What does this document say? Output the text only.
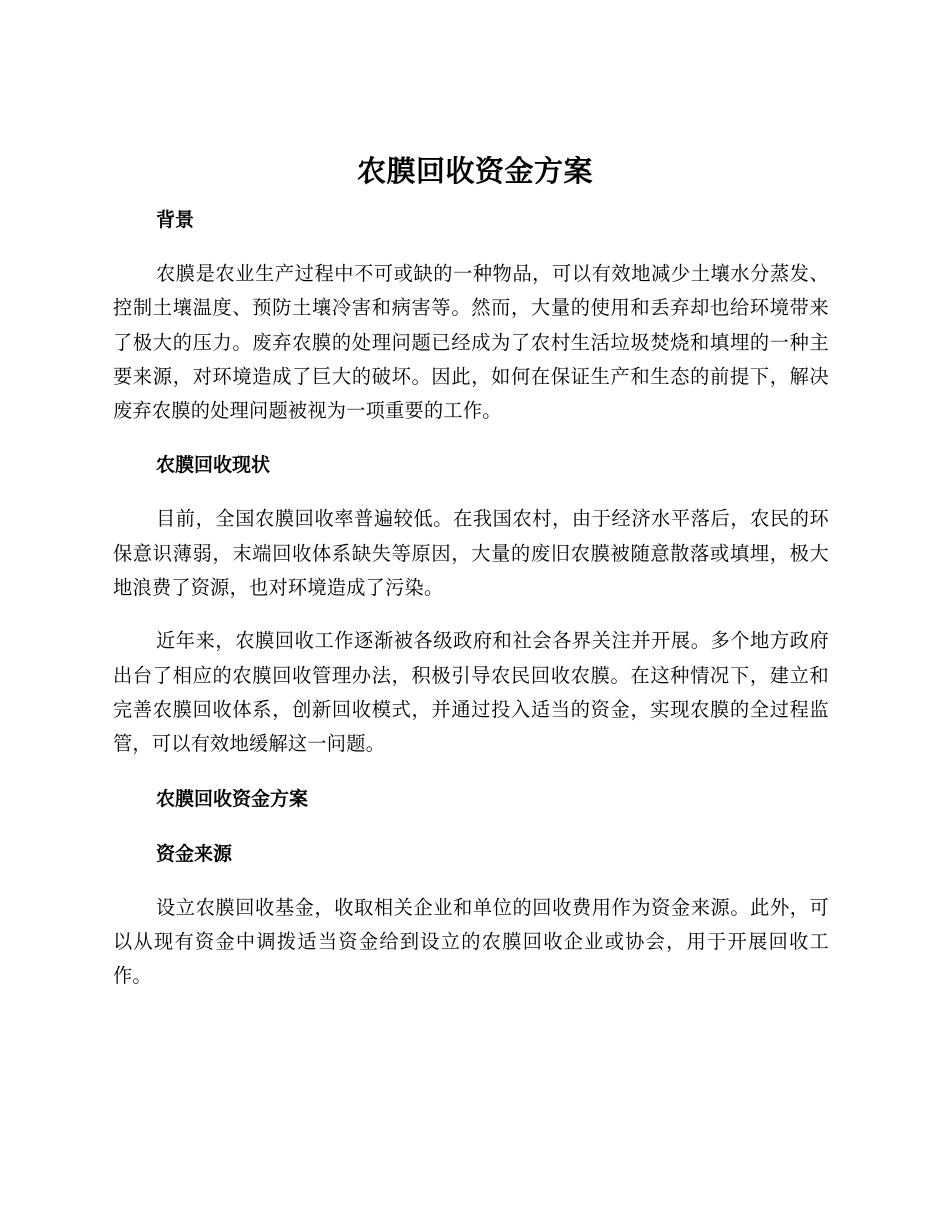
农膜回收资金方案
背景

农膜是农业生产过程中不可或缺的一种物品，可以有效地减少土壤水分蒸发、控制土壤温度、预防土壤冷害和病害等。然而，大量的使用和丢弃却也给环境带来了极大的压力。废弃农膜的处理问题已经成为了农村生活垃圾焚烧和填埋的一种主要来源，对环境造成了巨大的破坏。因此，如何在保证生产和生态的前提下，解决废弃农膜的处理问题被视为一项重要的工作。

农膜回收现状

目前，全国农膜回收率普遍较低。在我国农村，由于经济水平落后，农民的环保意识薄弱，末端回收体系缺失等原因，大量的废旧农膜被随意散落或填埋，极大地浪费了资源，也对环境造成了污染。

近年来，农膜回收工作逐渐被各级政府和社会各界关注并开展。多个地方政府出台了相应的农膜回收管理办法，积极引导农民回收农膜。在这种情况下，建立和完善农膜回收体系，创新回收模式，并通过投入适当的资金，实现农膜的全过程监管，可以有效地缓解这一问题。

农膜回收资金方案
资金来源

设立农膜回收基金，收取相关企业和单位的回收费用作为资金来源。此外，可以从现有资金中调拨适当资金给到设立的农膜回收企业或协会，用于开展回收工作。
